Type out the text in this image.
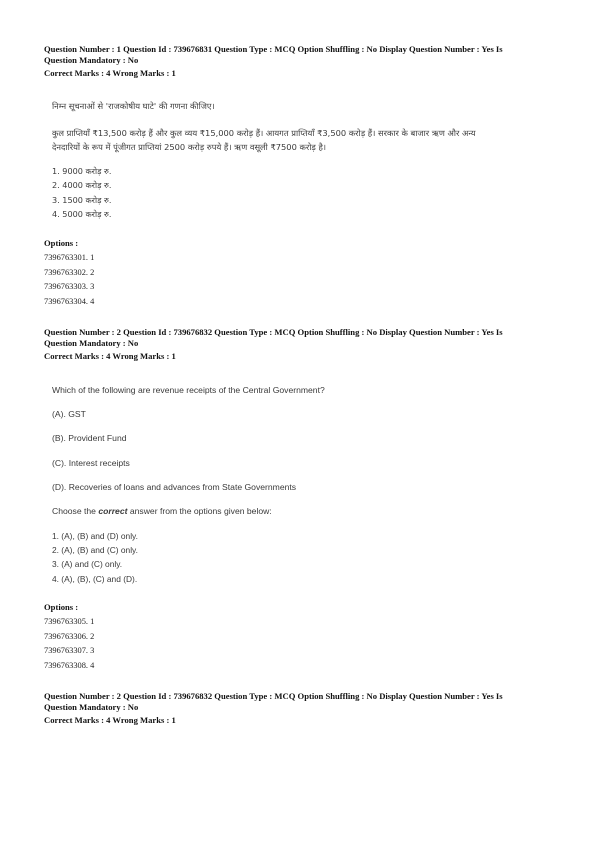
Question Number : 1 Question Id : 739676831 Question Type : MCQ Option Shuffling : No Display Question Number : Yes Is
Question Mandatory : No
Correct Marks : 4 Wrong Marks : 1
निम्न सूचनाओं से 'राजकोषीय घाटे' की गणना कीजिए।
कुल प्राप्तियाँ ₹13,500 करोड़ हैं और कुल व्यय ₹15,000 करोड़ हैं। आयगत प्राप्तियाँ ₹3,500 करोड़ हैं। सरकार के बाजार ऋण और अन्य
देनदारियों के रूप में पूंजीगत प्राप्तियां 2500 करोड़ रुपये हैं। ऋण वसूली ₹7500 करोड़ है।
1. 9000 करोड़ रु.
2. 4000 करोड़ रु.
3. 1500 करोड़ रु.
4. 5000 करोड़ रु.
Options :
7396763301. 1
7396763302. 2
7396763303. 3
7396763304. 4
Question Number : 2 Question Id : 739676832 Question Type : MCQ Option Shuffling : No Display Question Number : Yes Is
Question Mandatory : No
Correct Marks : 4 Wrong Marks : 1
Which of the following are revenue receipts of the Central Government?
(A). GST
(B). Provident Fund
(C). Interest receipts
(D). Recoveries of loans and advances from State Governments
Choose the correct answer from the options given below:
1. (A), (B) and (D) only.
2. (A), (B) and (C) only.
3. (A) and (C) only.
4. (A), (B), (C) and (D).
Options :
7396763305. 1
7396763306. 2
7396763307. 3
7396763308. 4
Question Number : 2 Question Id : 739676832 Question Type : MCQ Option Shuffling : No Display Question Number : Yes Is
Question Mandatory : No
Correct Marks : 4 Wrong Marks : 1
